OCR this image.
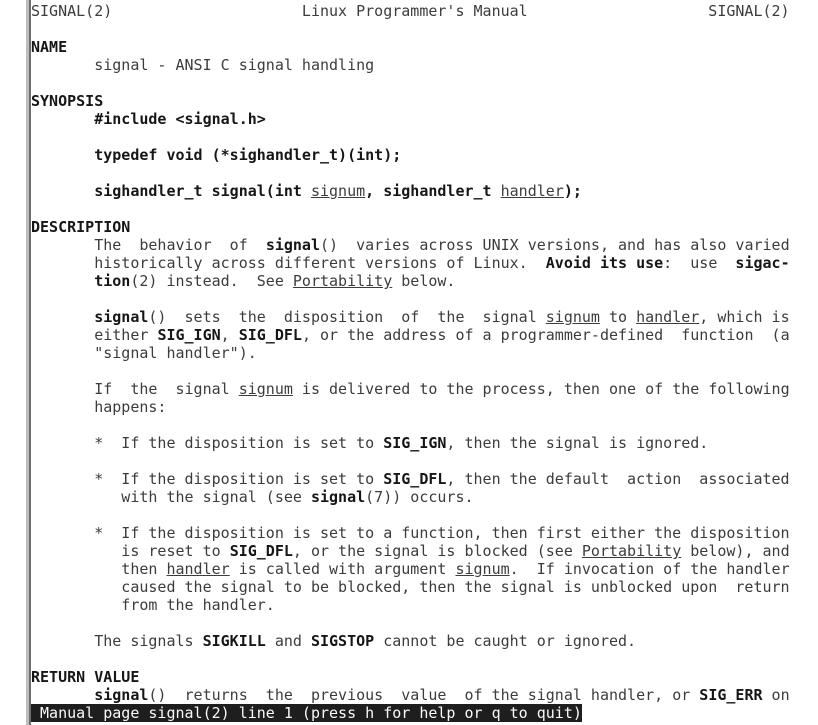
SIGNAL(2)                     Linux Programmer's Manual                    SIGNAL(2)
NAME
signal - ANSI C signal handling
SYNOPSIS
#include <signal.h>
typedef void (*sighandler_t)(int);
sighandler_t signal(int signum, sighandler_t handler);
DESCRIPTION
The  behavior  of  signal()  varies across UNIX versions, and has also varied
historically across different versions of Linux.  Avoid its use:  use  sigac-
tion(2) instead.  See Portability below.
signal()  sets  the  disposition  of  the  signal signum to handler, which is
either SIG_IGN, SIG_DFL, or the address of a programmer-defined  function  (a
"signal handler").
If  the  signal signum is delivered to the process, then one of the following
happens:
*  If the disposition is set to SIG_IGN, then the signal is ignored.
*  If the disposition is set to SIG_DFL, then the default  action  associated
with the signal (see signal(7)) occurs.
*  If the disposition is set to a function, then first either the disposition
is reset to SIG_DFL, or the signal is blocked (see Portability below), and
then handler is called with argument signum.  If invocation of the handler
caused the signal to be blocked, then the signal is unblocked upon  return
from the handler.
The signals SIGKILL and SIGSTOP cannot be caught or ignored.
RETURN VALUE
signal()  returns  the  previous  value  of the signal handler, or SIG_ERR on
Manual page signal(2) line 1 (press h for help or q to quit)
